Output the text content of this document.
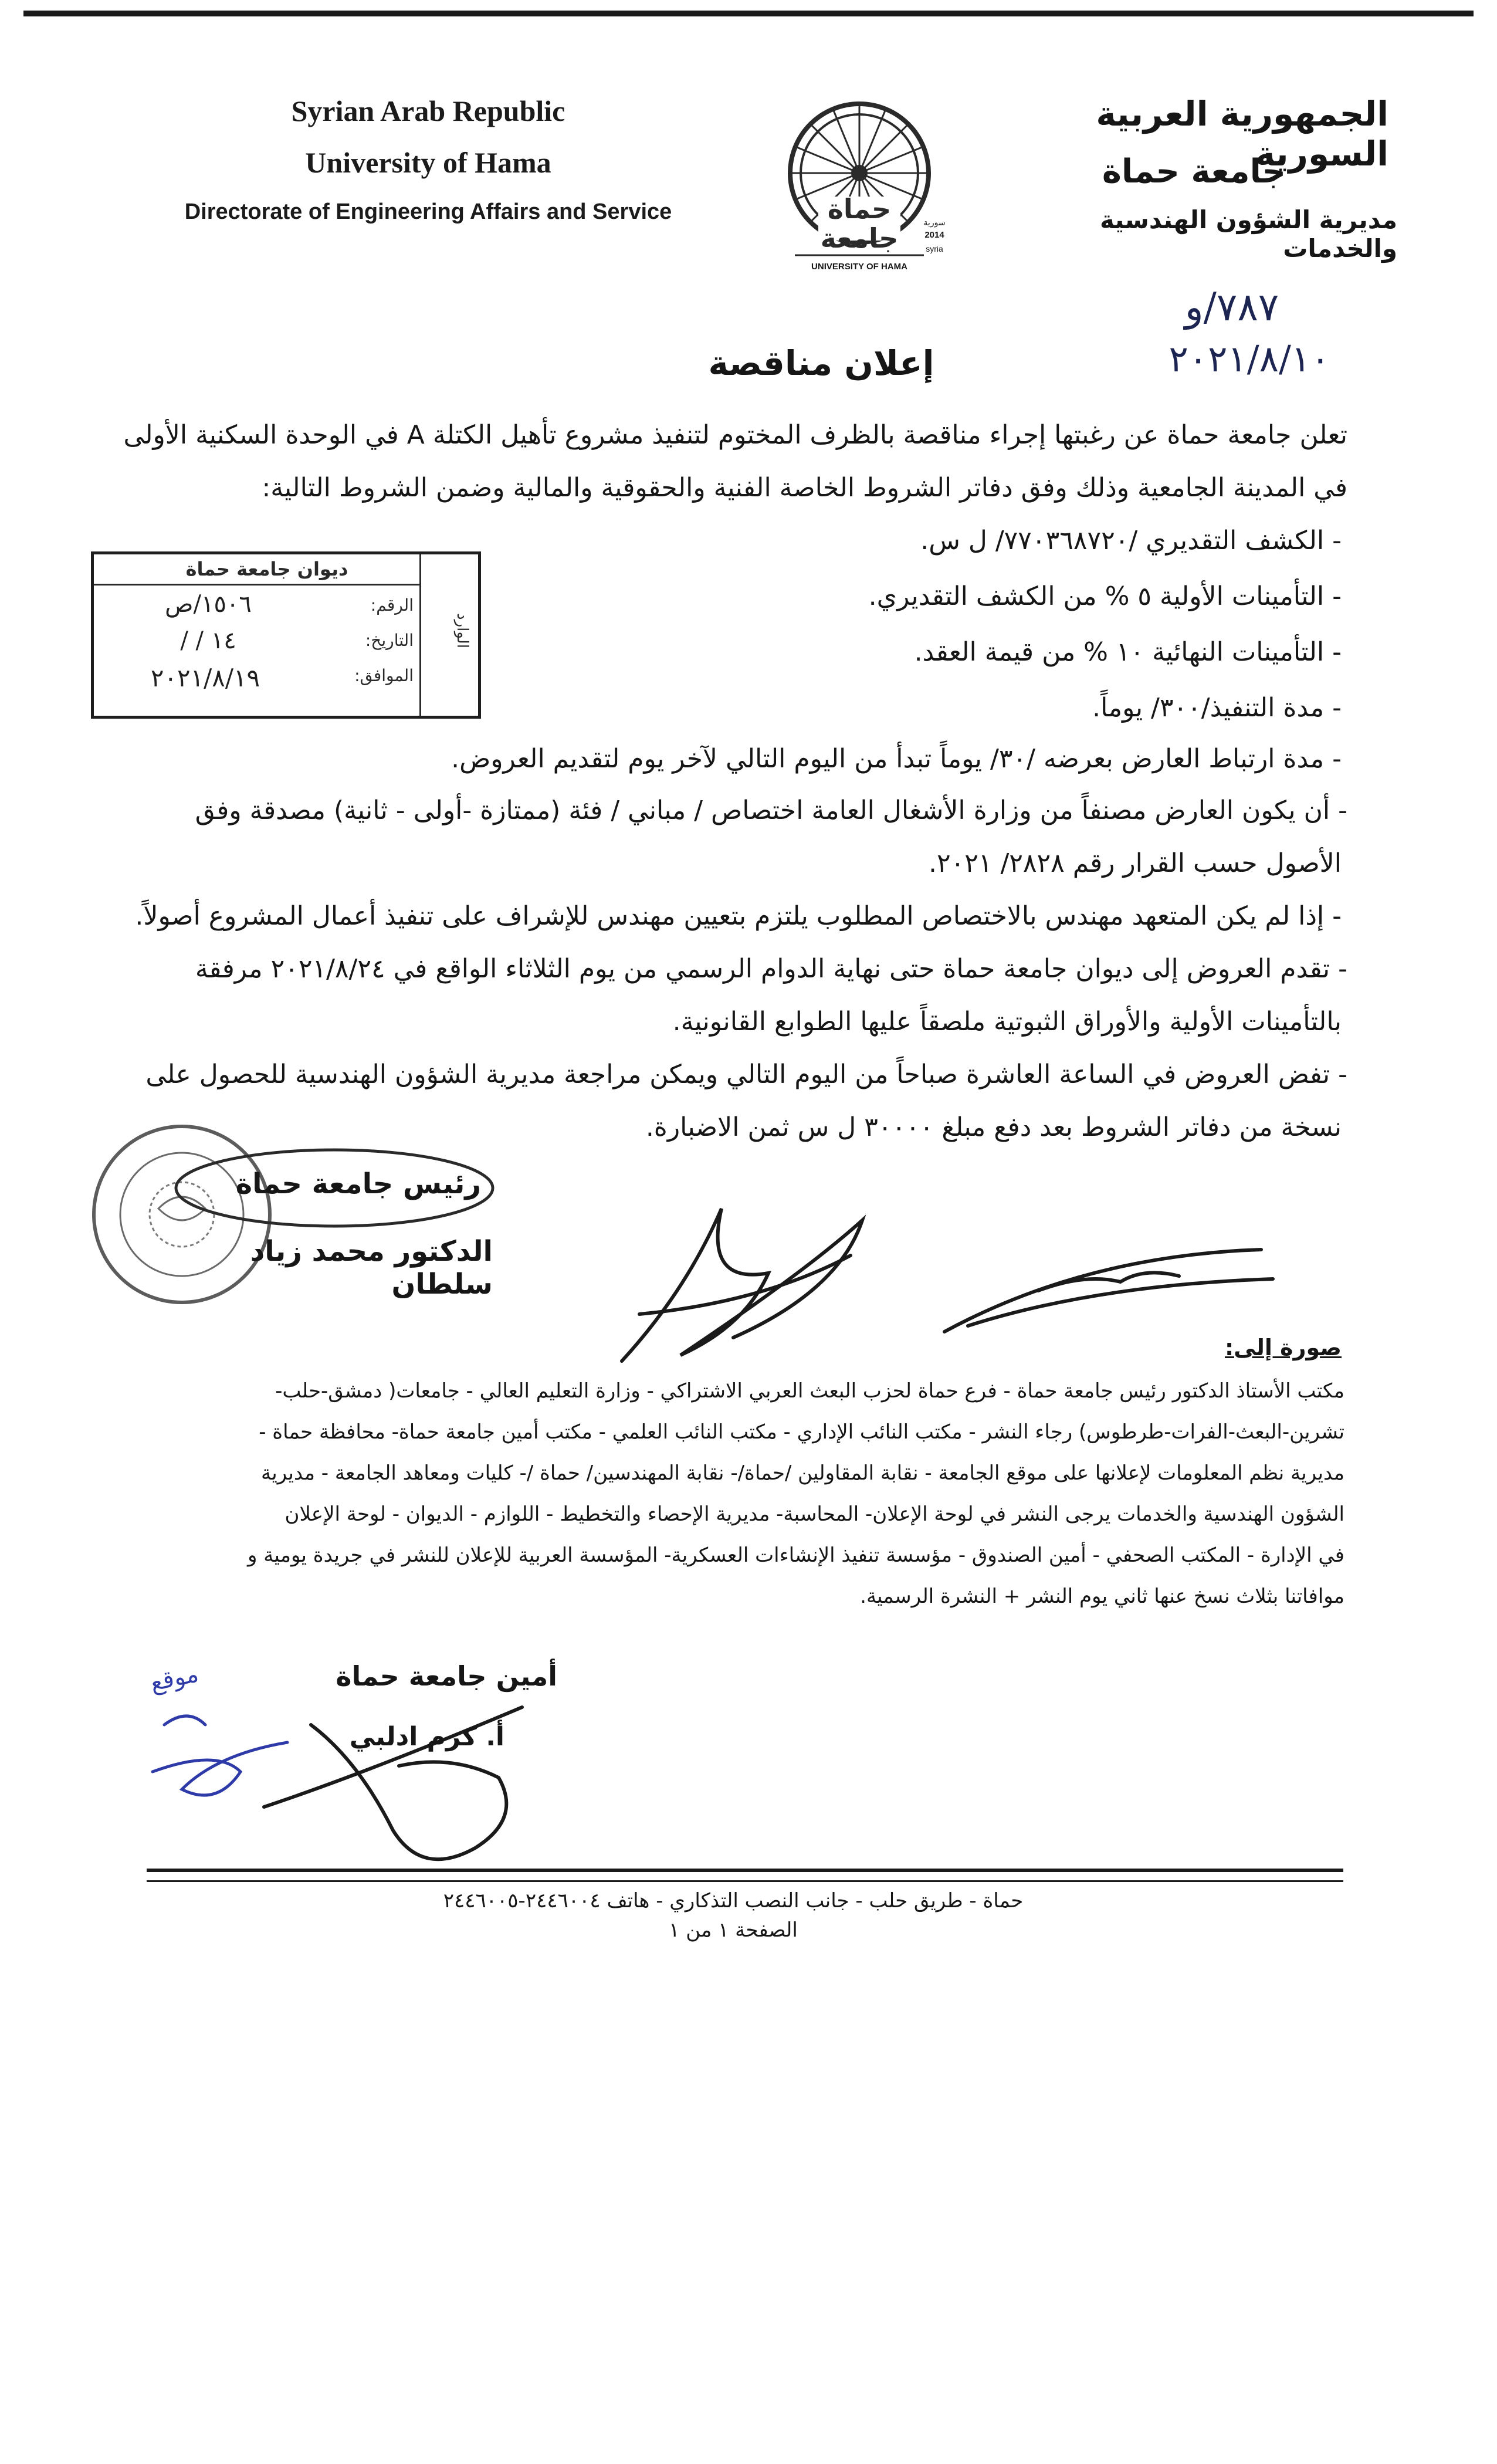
Syrian Arab Republic
University of Hama
Directorate of Engineering Affairs and Service	حماة
جامعة
UNIVERSITY OF HAMA
سورية
2014
syria
الجمهورية العربية السورية
جامعة حماة
مديرية الشؤون الهندسية والخدمات
٧٨٧/و
٢٠٢١/٨/١٠
إعلان مناقصة
تعلن جامعة حماة عن رغبتها إجراء مناقصة بالظرف المختوم لتنفيذ مشروع تأهيل الكتلة A في الوحدة السكنية الأولى
في المدينة الجامعية وذلك وفق دفاتر الشروط الخاصة الفنية والحقوقية والمالية وضمن الشروط التالية:
- الكشف التقديري /٧٧٠٣٦٨٧٢٠/ ل س.
- التأمينات الأولية ٥ % من الكشف التقديري.
- التأمينات النهائية ١٠ % من قيمة العقد.
- مدة التنفيذ/٣٠٠/ يوماً.
- مدة ارتباط العارض بعرضه /٣٠/ يوماً تبدأ من اليوم التالي لآخر يوم لتقديم العروض.
- أن يكون العارض مصنفاً من وزارة الأشغال العامة اختصاص / مباني / فئة (ممتازة -أولى - ثانية) مصدقة وفق
الأصول حسب القرار رقم ٢٨٢٨/ ٢٠٢١.
- إذا لم يكن المتعهد مهندس بالاختصاص المطلوب يلتزم بتعيين مهندس للإشراف على تنفيذ أعمال المشروع أصولاً.
- تقدم العروض إلى ديوان جامعة حماة حتى نهاية الدوام الرسمي من يوم الثلاثاء الواقع في ٢٠٢١/٨/٢٤ مرفقة
بالتأمينات الأولية والأوراق الثبوتية ملصقاً عليها الطوابع القانونية.
- تفض العروض في الساعة العاشرة صباحاً من اليوم التالي ويمكن مراجعة مديرية الشؤون الهندسية للحصول على
نسخة من دفاتر الشروط بعد دفع مبلغ ٣٠٠٠٠ ل س ثمن الاضبارة.
ديوان جامعة حماة
الوارد
الرقم:
التاريخ:
الموافق:
١٥٠٦/ص
١٤ / /
٢٠٢١/٨/١٩
رئيس جامعة حماة
الدكتور محمد زياد سلطان
صورة إلى:
مكتب الأستاذ الدكتور رئيس جامعة حماة - فرع حماة لحزب البعث العربي الاشتراكي - وزارة التعليم العالي - جامعات( دمشق-حلب-
تشرين-البعث-الفرات-طرطوس) رجاء النشر - مكتب النائب الإداري - مكتب النائب العلمي - مكتب أمين جامعة حماة- محافظة حماة -
مديرية نظم المعلومات لإعلانها على موقع الجامعة - نقابة المقاولين /حماة/- نقابة المهندسين/ حماة /- كليات ومعاهد الجامعة - مديرية
الشؤون الهندسية والخدمات يرجى النشر في لوحة الإعلان- المحاسبة- مديرية الإحصاء والتخطيط - اللوازم - الديوان - لوحة الإعلان
في الإدارة - المكتب الصحفي - أمين الصندوق - مؤسسة تنفيذ الإنشاءات العسكرية- المؤسسة العربية للإعلان للنشر في جريدة يومية و
موافاتنا بثلاث نسخ عنها ثاني يوم النشر + النشرة الرسمية.
موقع	أمين جامعة حماة
أ. كرم ادلبي
حماة - طريق حلب - جانب النصب التذكاري - هاتف ٢٤٤٦٠٠٤-٢٤٤٦٠٠٥
الصفحة ١ من ١
